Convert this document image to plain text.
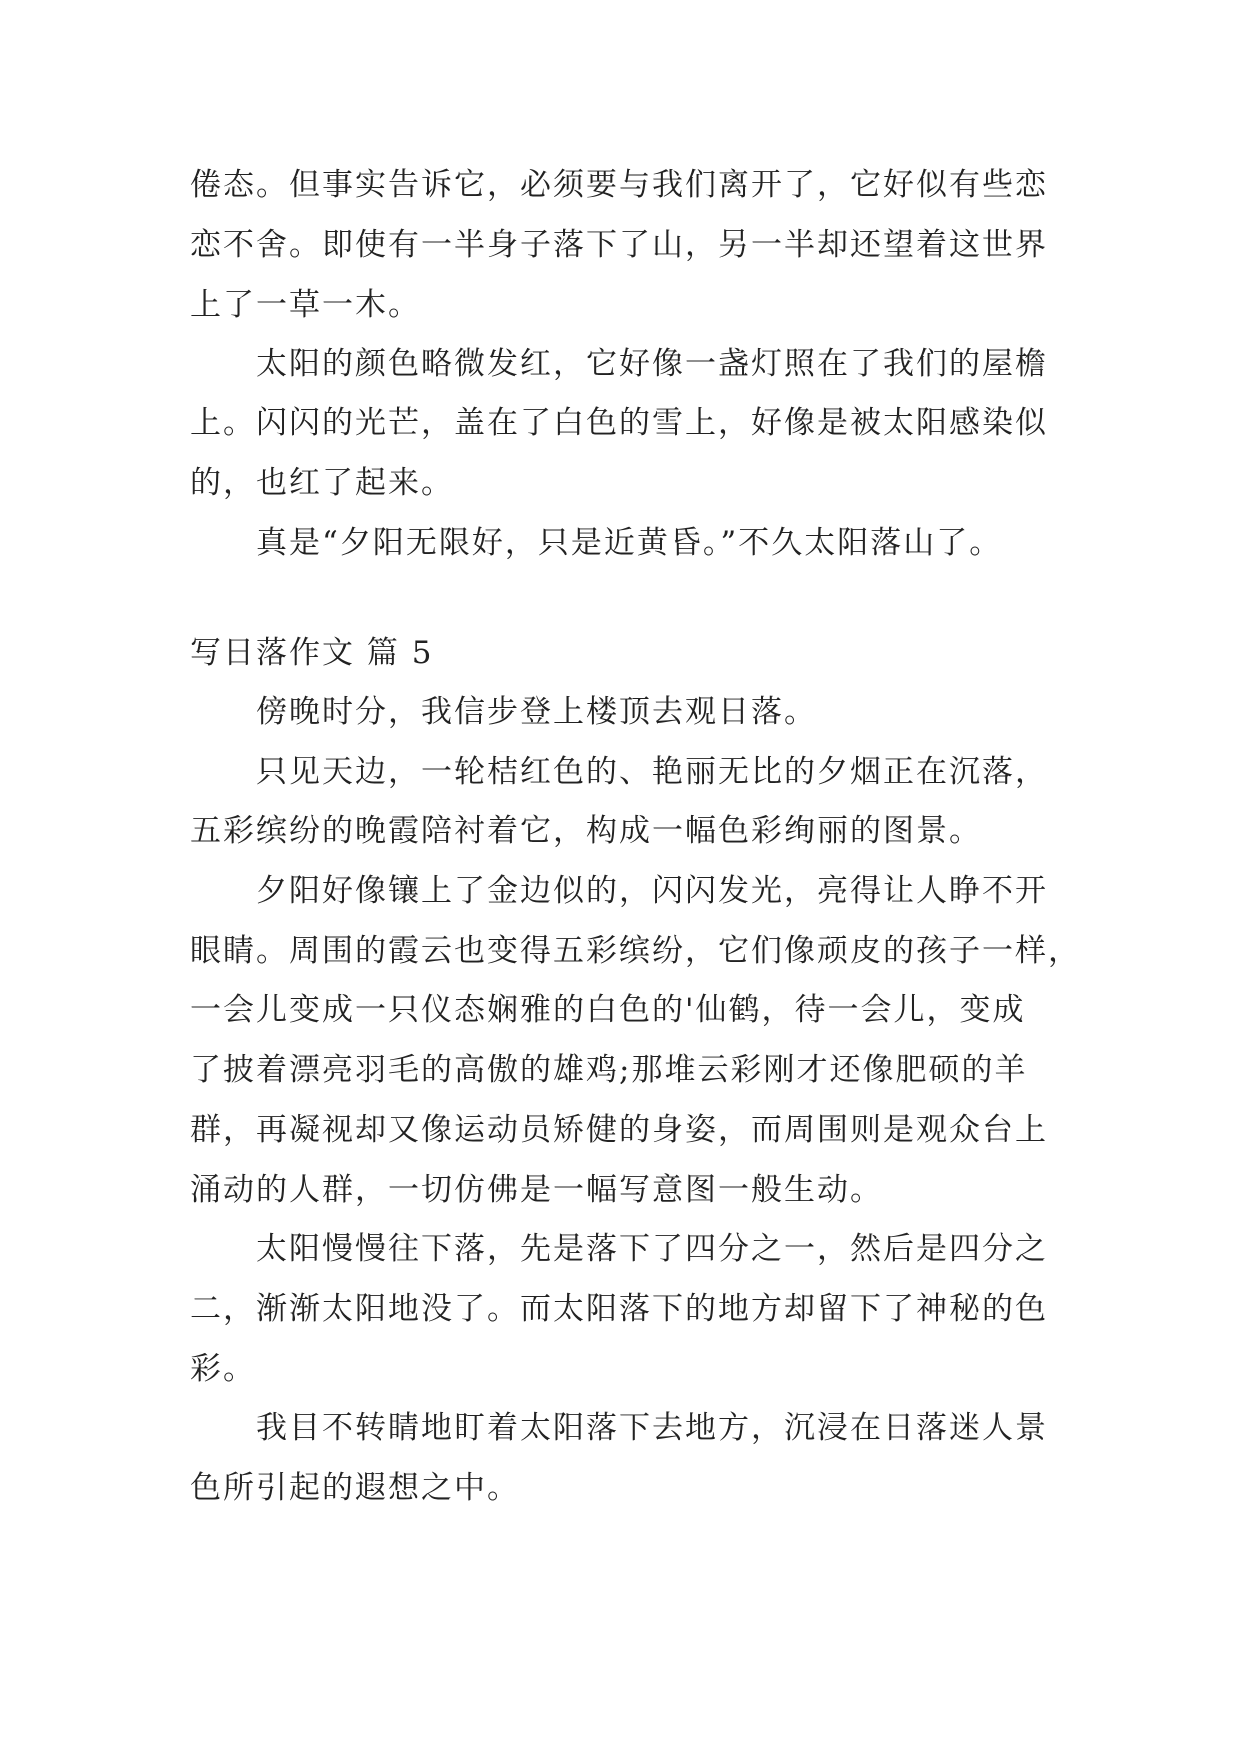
倦态。但事实告诉它，必须要与我们离开了，它好似有些恋
恋不舍。即使有一半身子落下了山，另一半却还望着这世界
上了一草一木。
太阳的颜色略微发红，它好像一盏灯照在了我们的屋檐
上。闪闪的光芒，盖在了白色的雪上，好像是被太阳感染似
的，也红了起来。
真是“夕阳无限好，只是近黄昏。”不久太阳落山了。
写日落作文 篇 5
傍晚时分，我信步登上楼顶去观日落。
只见天边，一轮桔红色的、艳丽无比的夕烟正在沉落，
五彩缤纷的晚霞陪衬着它，构成一幅色彩绚丽的图景。
夕阳好像镶上了金边似的，闪闪发光，亮得让人睁不开
眼睛。周围的霞云也变得五彩缤纷，它们像顽皮的孩子一样，
一会儿变成一只仪态娴雅的白色的'仙鹤，待一会儿，变成
了披着漂亮羽毛的高傲的雄鸡;那堆云彩刚才还像肥硕的羊
群，再凝视却又像运动员矫健的身姿，而周围则是观众台上
涌动的人群，一切仿佛是一幅写意图一般生动。
太阳慢慢往下落，先是落下了四分之一，然后是四分之
二，渐渐太阳地没了。而太阳落下的地方却留下了神秘的色
彩。
我目不转睛地盯着太阳落下去地方，沉浸在日落迷人景
色所引起的遐想之中。
